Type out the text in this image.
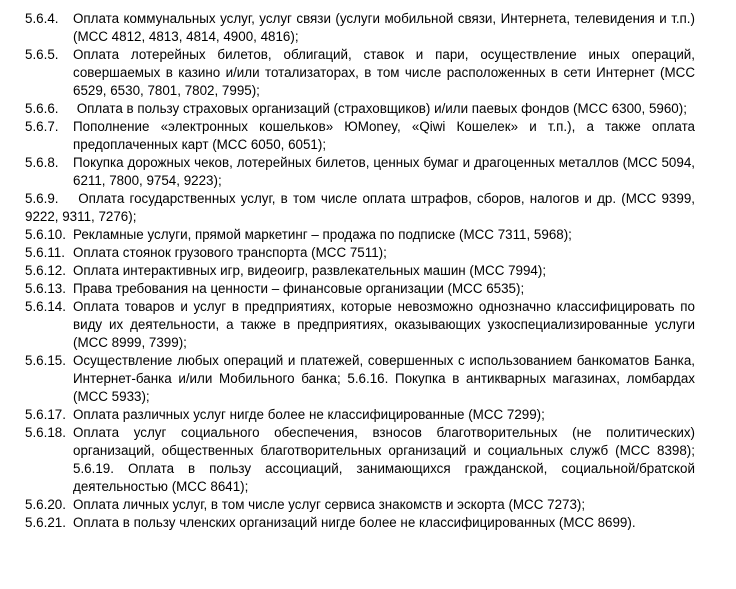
5.6.4.	Оплата коммунальных услуг, услуг связи (услуги мобильной связи, Интернета, телевидения и т.п.) (МСС 4812, 4813, 4814, 4900, 4816);
5.6.5.	Оплата лотерейных билетов, облигаций, ставок и пари, осуществление иных операций, совершаемых в казино и/или тотализаторах, в том числе расположенных в сети Интернет (МСС 6529, 6530, 7801, 7802, 7995);
5.6.6. Оплата в пользу страховых организаций (страховщиков) и/или паевых фондов (МСС 6300, 5960);
5.6.7.	Пополнение «электронных кошельков» ЮMoney, «Qiwi Кошелек» и т.п.), а также оплата предоплаченных карт (МСС 6050, 6051);
5.6.8.	Покупка дорожных чеков, лотерейных билетов, ценных бумаг и драгоценных металлов (МСС 5094, 6211, 7800, 9754, 9223);
5.6.9. Оплата государственных услуг, в том числе оплата штрафов, сборов, налогов и др. (МСС 9399, 9222, 9311, 7276);
5.6.10. Рекламные услуги, прямой маркетинг – продажа по подписке (МСС 7311, 5968);
5.6.11. Оплата стоянок грузового транспорта (МСС 7511);
5.6.12. Оплата интерактивных игр, видеоигр, развлекательных машин (МСС 7994);
5.6.13. Права требования на ценности – финансовые организации (МСС 6535);
5.6.14. Оплата товаров и услуг в предприятиях, которые невозможно однозначно классифицировать по виду их деятельности, а также в предприятиях, оказывающих узкоспециализированные услуги (МСС 8999, 7399);
5.6.15. Осуществление любых операций и платежей, совершенных с использованием банкоматов Банка, Интернет-банка и/или Мобильного банка; 5.6.16. Покупка в антикварных магазинах, ломбардах (МСС 5933);
5.6.17. Оплата различных услуг нигде более не классифицированные (МСС 7299);
5.6.18. Оплата услуг социального обеспечения, взносов благотворительных (не политических) организаций, общественных благотворительных организаций и социальных служб (МСС 8398); 5.6.19. Оплата в пользу ассоциаций, занимающихся гражданской, социальной/братской деятельностью (МСС 8641);
5.6.20. Оплата личных услуг, в том числе услуг сервиса знакомств и эскорта (МСС 7273);
5.6.21. Оплата в пользу членских организаций нигде более не классифицированных (МСС 8699).
